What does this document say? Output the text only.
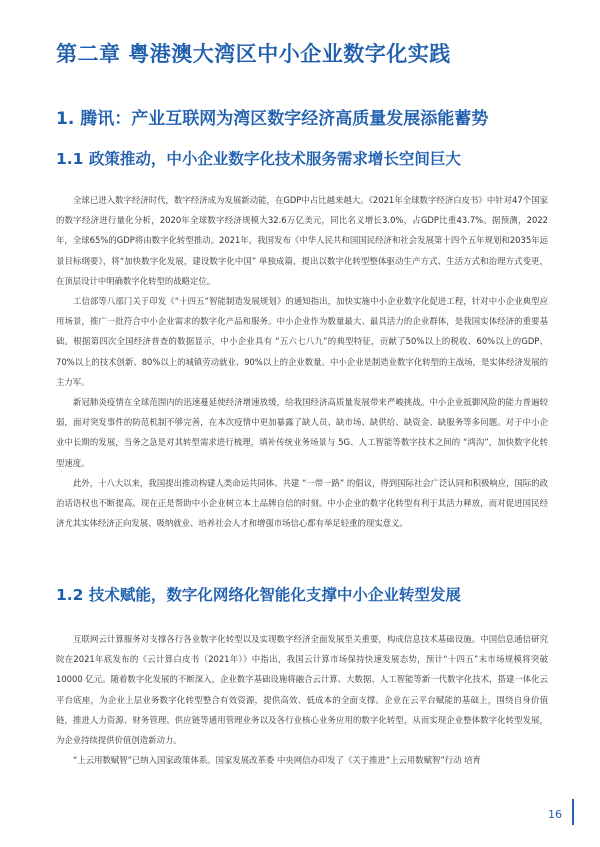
第二章 粤港澳大湾区中小企业数字化实践
1. 腾讯：产业互联网为湾区数字经济高质量发展添能蓄势
1.1 政策推动，中小企业数字化技术服务需求增长空间巨大

全球已进入数字经济时代，数字经济成为发展新动能，在GDP中占比越来越大。《2021年全球数字经济白皮书》中针对47个国家的数字经济进行量化分析，2020年全球数字经济规模大32.6万亿美元，同比名义增长3.0%，占GDP比重43.7%。据预测，2022年，全球65%的GDP将由数字化转型推动。2021年，我国发布《中华人民共和国国民经济和社会发展第十四个五年规划和2035年远景目标纲要》，将“加快数字化发展，建设数字化中国” 单独成篇，提出以数字化转型整体驱动生产方式、生活方式和治理方式变更，在顶层设计中明确数字化转型的战略定位。

工信部等八部门关于印发《“十四五”智能制造发展规划》的通知指出，加快实施中小企业数字化促进工程，针对中小企业典型应用场景，推广一批符合中小企业需求的数字化产品和服务。中小企业作为数量最大、最具活力的企业群体，是我国实体经济的重要基础。根据第四次全国经济普查的数据显示，中小企业具有 “五六七八九”的典型特征，贡献了50%以上的税收、60%以上的GDP、70%以上的技术创新、80%以上的城镇劳动就业、90%以上的企业数量。中小企业是制造业数字化转型的主战场，是实体经济发展的主力军。

新冠肺炎疫情在全球范围内的迅速蔓延使经济增速放缓，给我国经济高质量发展带来严峻挑战。中小企业抵御风险的能力普遍较弱，面对突发事件的防范机制不够完善，在本次疫情中更加暴露了缺人员、缺市场、缺供给、缺资金、缺服务等多问题。对于中小企业中长期的发展，当务之急是对其转型需求进行梳理，填补传统业务场景与 5G、人工智能等数字技术之间的 “鸿沟”，加快数字化转型速度。

此外，十八大以来，我国提出推动构建人类命运共同体、共建 “一带一路” 的倡议，得到国际社会广泛认同和积极响应，国际的政治话语权也不断提高。现在正是帮助中小企业树立本土品牌自信的时刻。中小企业的数字化转型有利于其活力释放，而对促进国民经济尤其实体经济正向发展、吸纳就业、培养社会人才和增强市场信心都有举足轻重的现实意义。

1.2 技术赋能，数字化网络化智能化支撑中小企业转型发展

互联网云计算服务对支撑各行各业数字化转型以及实现数字经济全面发展至关重要，构成信息技术基础设施。中国信息通信研究院在2021年底发布的《云计算白皮书（2021年）》中指出，我国云计算市场保持快速发展态势，预计“十四五”末市场规模将突破10000 亿元。随着数字化发展的不断深入，企业数字基础设施将融合云计算、大数据、人工智能等新一代数字化技术，搭建一体化云平台底座，为企业上层业务数字化转型整合有效资源，提供高效、低成本的全面支撑。企业在云平台赋能的基础上，围绕自身价值链，推进人力资源、财务管理、供应链等通用管理业务以及各行业核心业务应用的数字化转型，从而实现企业整体数字化转型发展，为企业持续提供价值创造新动力。

“上云用数赋智”已纳入国家政策体系。国家发展改革委 中央网信办印发了《关于推进“上云用数赋智”行动 培育

16
